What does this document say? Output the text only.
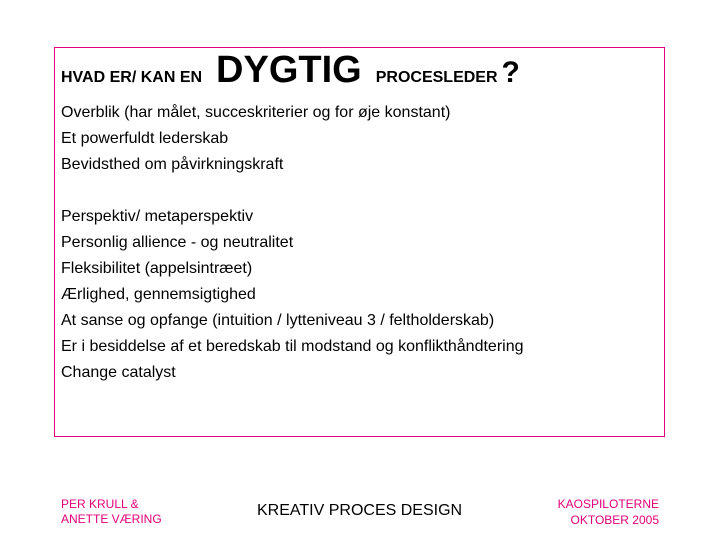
HVAD ER/ KAN EN DYGTIG PROCESLEDER ?
Overblik (har målet, succeskriterier og for øje konstant)
Et powerfuldt lederskab
Bevidsthed om påvirkningskraft
Perspektiv/ metaperspektiv
Personlig allience - og neutralitet
Fleksibilitet (appelsintræet)
Ærlighed, gennemsigtighed
At sanse og opfange (intuition / lytteniveau 3 / feltholderskab)
Er i besiddelse af et beredskab til modstand og konflikthåndtering
Change catalyst
PER KRULL &
ANETTE VÆRING	KREATIV PROCES DESIGN	KAOSPILOTERNE
OKTOBER 2005
